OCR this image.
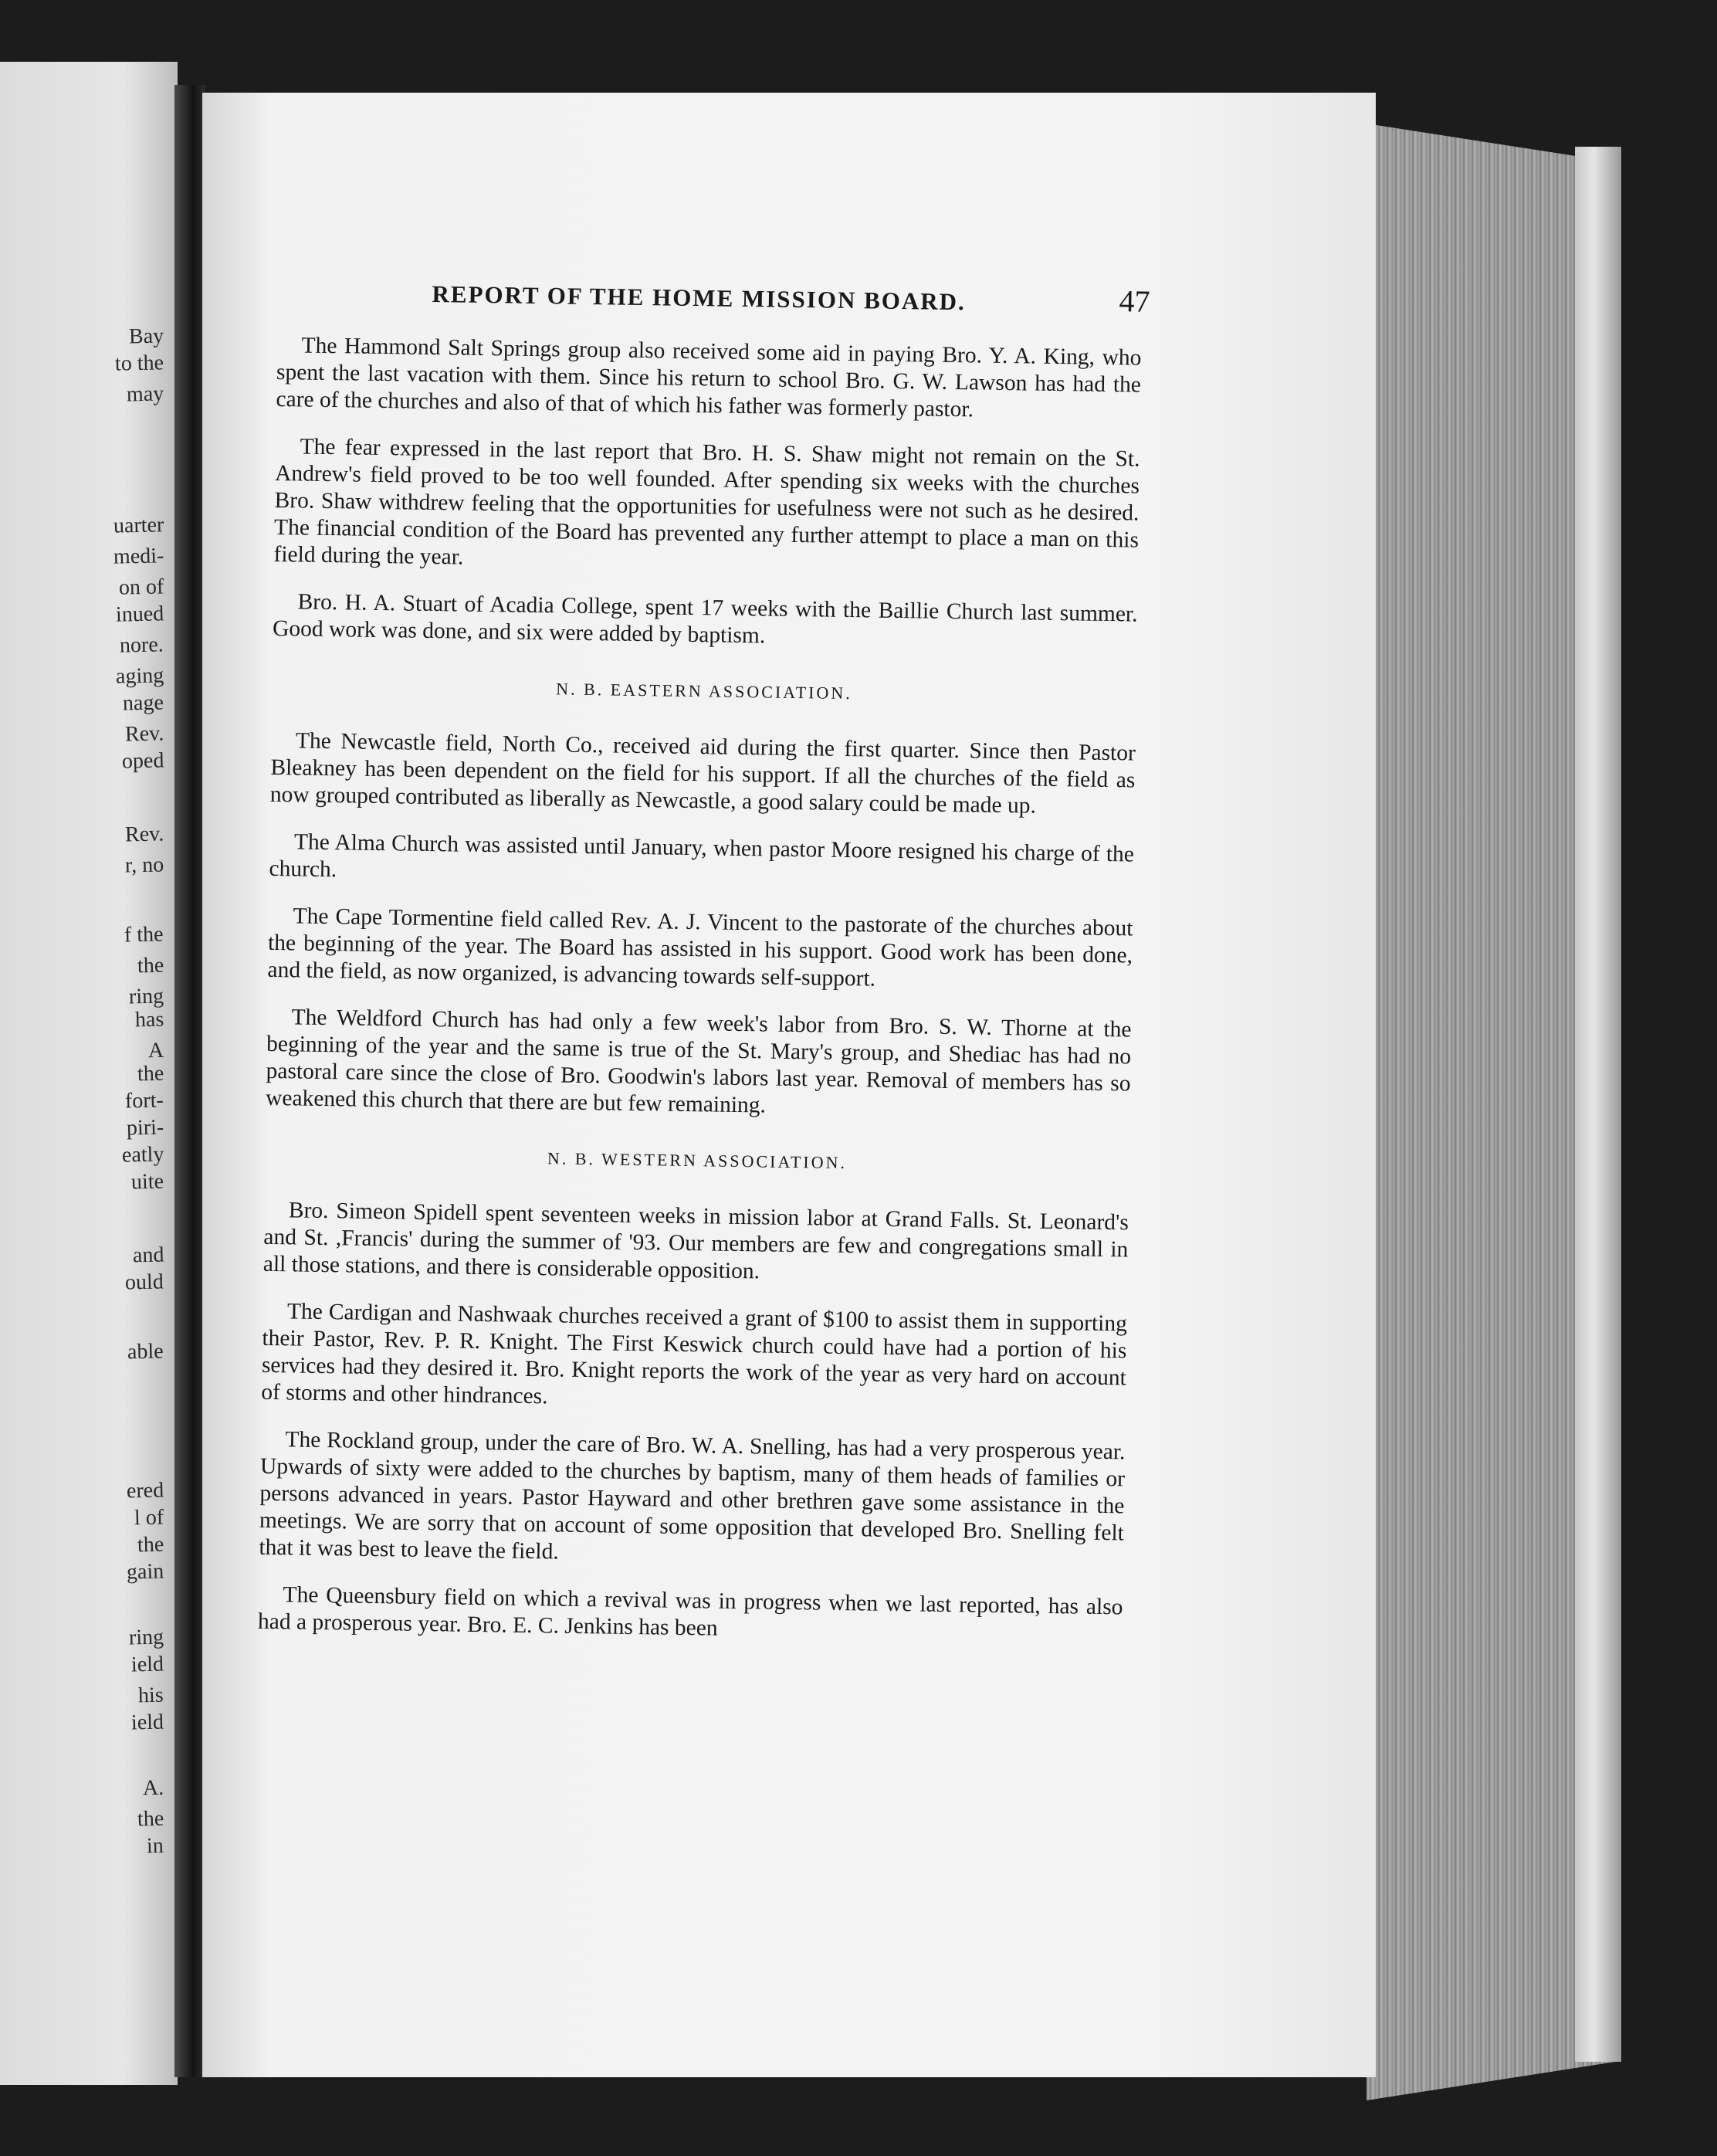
Bay
to the
may
uarter
medi-
on of
inued
nore.
aging
nage
Rev.
oped
Rev.
r, no
f the
the
ring
has
A
the
fort-
piri-
eatly
uite
and
ould
able
ered
l of
the
gain
ring
ield
his
ield
A.
the
in
REPORT OF THE HOME MISSION BOARD.	47

The Hammond Salt Springs group also received some aid in paying Bro. Y. A. King, who spent the last vacation with them. Since his return to school Bro. G. W. Lawson has had the care of the churches and also of that of which his father was formerly pastor.

The fear expressed in the last report that Bro. H. S. Shaw might not remain on the St. Andrew's field proved to be too well founded. After spending six weeks with the churches Bro. Shaw withdrew feeling that the opportunities for usefulness were not such as he desired. The financial condition of the Board has prevented any further attempt to place a man on this field during the year.

Bro. H. A. Stuart of Acadia College, spent 17 weeks with the Baillie Church last summer. Good work was done, and six were added by baptism.

N. B. EASTERN ASSOCIATION.

The Newcastle field, North Co., received aid during the first quarter. Since then Pastor Bleakney has been dependent on the field for his support. If all the churches of the field as now grouped contributed as liberally as Newcastle, a good salary could be made up.

The Alma Church was assisted until January, when pastor Moore resigned his charge of the church.

The Cape Tormentine field called Rev. A. J. Vincent to the pastorate of the churches about the beginning of the year. The Board has assisted in his support. Good work has been done, and the field, as now organized, is advancing towards self-support.

The Weldford Church has had only a few week's labor from Bro. S. W. Thorne at the beginning of the year and the same is true of the St. Mary's group, and Shediac has had no pastoral care since the close of Bro. Goodwin's labors last year. Removal of members has so weakened this church that there are but few remaining.

N. B. WESTERN ASSOCIATION.

Bro. Simeon Spidell spent seventeen weeks in mission labor at Grand Falls. St. Leonard's and St. ,Francis' during the summer of '93. Our members are few and congregations small in all those stations, and there is considerable opposition.

The Cardigan and Nashwaak churches received a grant of $100 to assist them in supporting their Pastor, Rev. P. R. Knight. The First Keswick church could have had a portion of his services had they desired it. Bro. Knight reports the work of the year as very hard on account of storms and other hindrances.

The Rockland group, under the care of Bro. W. A. Snelling, has had a very prosperous year. Upwards of sixty were added to the churches by baptism, many of them heads of families or persons advanced in years. Pastor Hayward and other brethren gave some assistance in the meetings. We are sorry that on account of some opposition that developed Bro. Snelling felt that it was best to leave the field.

The Queensbury field on which a revival was in progress when we last reported, has also had a prosperous year. Bro. E. C. Jenkins has been
